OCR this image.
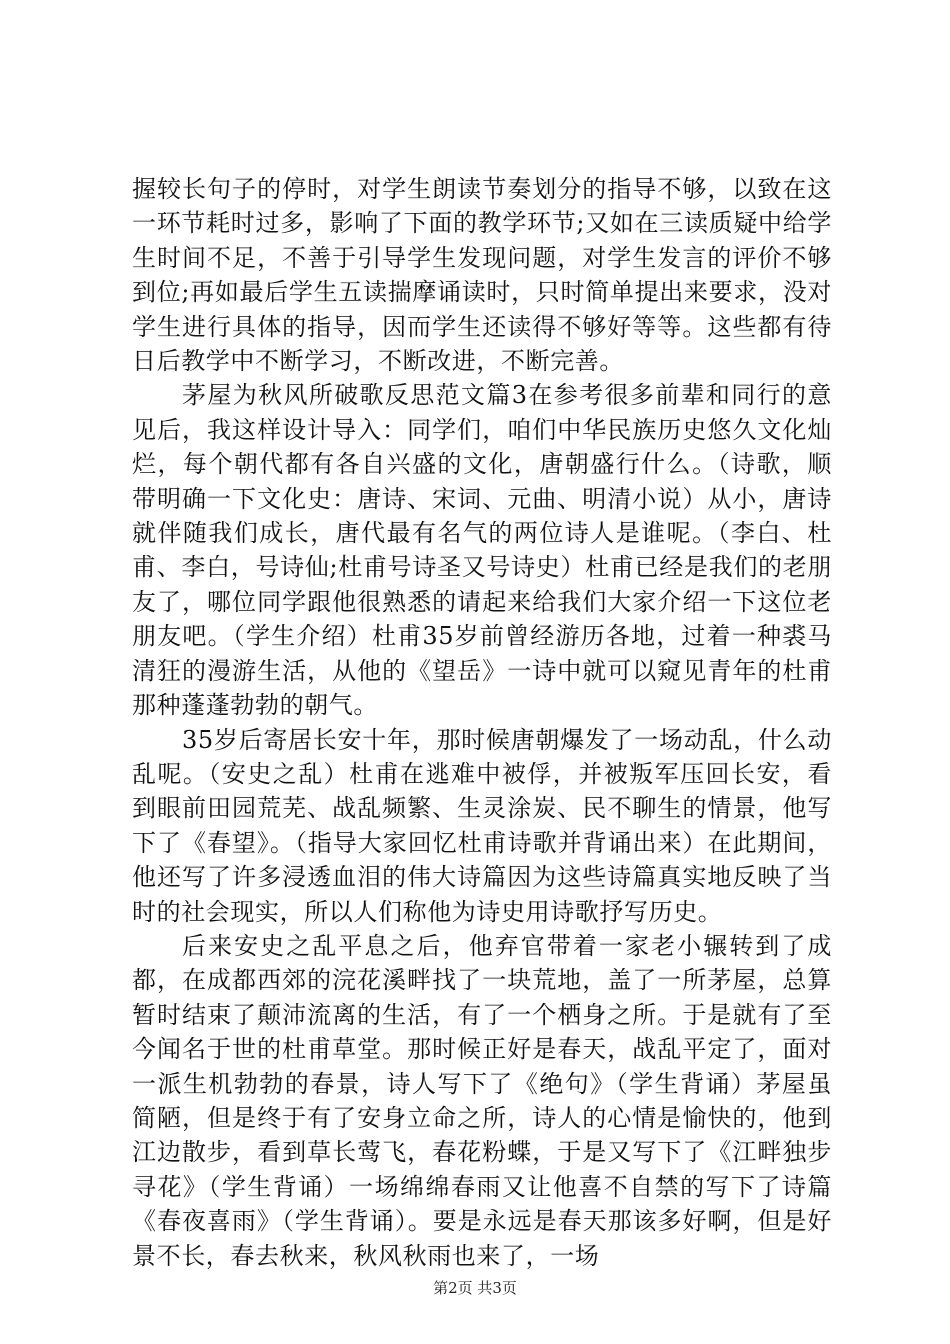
握较长句子的停时，对学生朗读节奏划分的指导不够，以致在这一环节耗时过多，影响了下面的教学环节;又如在三读质疑中给学生时间不足，不善于引导学生发现问题，对学生发言的评价不够到位;再如最后学生五读揣摩诵读时，只时简单提出来要求，没对学生进行具体的指导，因而学生还读得不够好等等。这些都有待日后教学中不断学习，不断改进，不断完善。

茅屋为秋风所破歌反思范文篇3在参考很多前辈和同行的意见后，我这样设计导入：同学们，咱们中华民族历史悠久文化灿烂，每个朝代都有各自兴盛的文化，唐朝盛行什么。（诗歌，顺带明确一下文化史：唐诗、宋词、元曲、明清小说）从小，唐诗就伴随我们成长，唐代最有名气的两位诗人是谁呢。（李白、杜甫、李白，号诗仙;杜甫号诗圣又号诗史）杜甫已经是我们的老朋友了，哪位同学跟他很熟悉的请起来给我们大家介绍一下这位老朋友吧。（学生介绍）杜甫35岁前曾经游历各地，过着一种裘马清狂的漫游生活，从他的《望岳》一诗中就可以窥见青年的杜甫那种蓬蓬勃勃的朝气。

35岁后寄居长安十年，那时候唐朝爆发了一场动乱，什么动乱呢。（安史之乱）杜甫在逃难中被俘，并被叛军压回长安，看到眼前田园荒芜、战乱频繁、生灵涂炭、民不聊生的情景，他写下了《春望》。（指导大家回忆杜甫诗歌并背诵出来）在此期间，他还写了许多浸透血泪的伟大诗篇因为这些诗篇真实地反映了当时的社会现实，所以人们称他为诗史用诗歌抒写历史。

后来安史之乱平息之后，他弃官带着一家老小辗转到了成都，在成都西郊的浣花溪畔找了一块荒地，盖了一所茅屋，总算暂时结束了颠沛流离的生活，有了一个栖身之所。于是就有了至今闻名于世的杜甫草堂。那时候正好是春天，战乱平定了，面对一派生机勃勃的春景，诗人写下了《绝句》（学生背诵）茅屋虽简陋，但是终于有了安身立命之所，诗人的心情是愉快的，他到江边散步，看到草长莺飞，春花粉蝶，于是又写下了《江畔独步寻花》（学生背诵）一场绵绵春雨又让他喜不自禁的写下了诗篇《春夜喜雨》（学生背诵）。要是永远是春天那该多好啊，但是好景不长，春去秋来，秋风秋雨也来了，一场

第2页 共3页
